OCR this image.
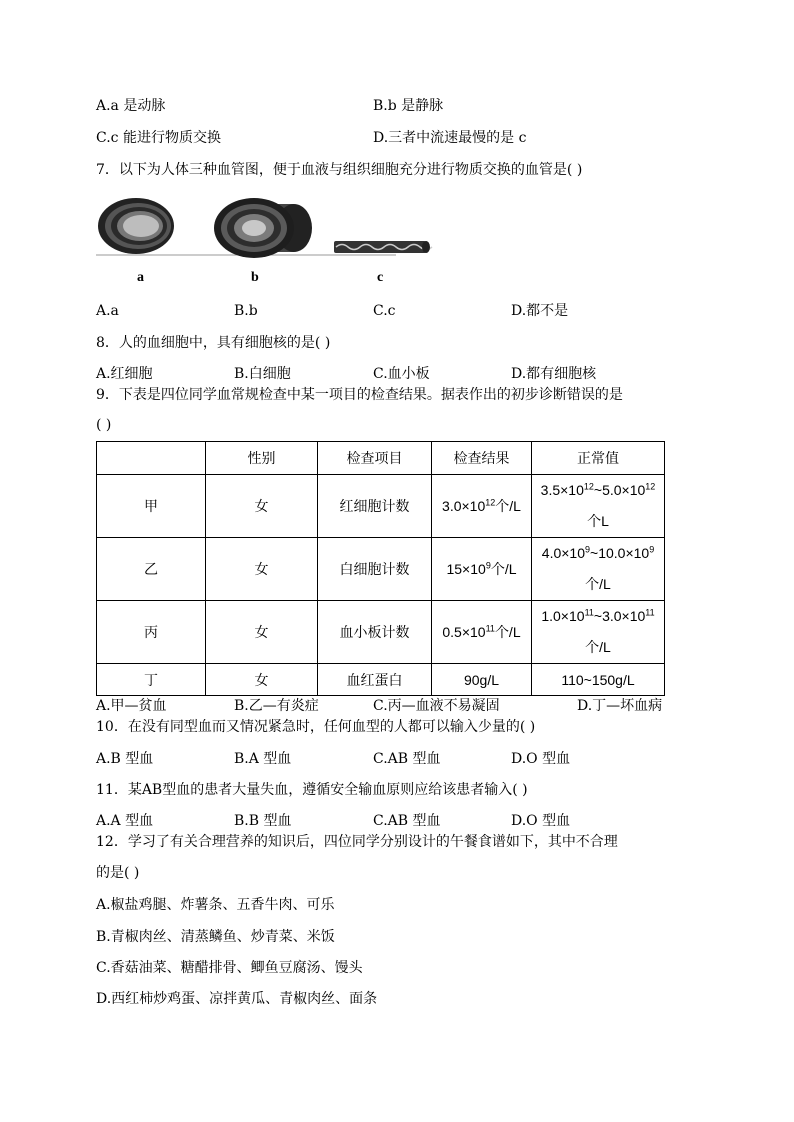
A.a 是动脉	B.b 是静脉
C.c 能进行物质交换	D.三者中流速最慢的是 c
7．以下为人体三种血管图，便于血液与组织细胞充分进行物质交换的血管是( )
a	b	c
A.a	B.b	C.c	D.都不是
8．人的血细胞中，具有细胞核的是( )
A.红细胞	B.白细胞	C.血小板	D.都有细胞核
9．下表是四位同学血常规检查中某一项目的检查结果。据表作出的初步诊断错误的是
( )
	性别	检查项目	检查结果	正常值
甲	女	红细胞计数	$3.0\times 10^{12}$个/L	$3.5\times 10^{12}\sim 5.0\times 10^{12}$
个L
乙	女	白细胞计数	$15\times 10^9$个/L	$4.0\times 10^9\sim 10.0\times 10^9$
个/L
丙	女	血小板计数	$0.5\times 10^{11}$个/L	$1.0\times 10^{11}\sim 3.0\times 10^{11}$
个/L
丁	女	血红蛋白	90g/L	110~150g/L
A.甲—贫血	B.乙—有炎症	C.丙—血液不易凝固	D.丁—坏血病
10．在没有同型血而又情况紧急时，任何血型的人都可以输入少量的( )
A.B 型血	B.A 型血	C.AB 型血	D.O 型血
11．某AB型血的患者大量失血，遵循安全输血原则应给该患者输入( )
A.A 型血	B.B 型血	C.AB 型血	D.O 型血
12．学习了有关合理营养的知识后，四位同学分别设计的午餐食谱如下，其中不合理
的是( )
A.椒盐鸡腿、炸薯条、五香牛肉、可乐
B.青椒肉丝、清蒸鳞鱼、炒青菜、米饭
C.香菇油菜、糖醋排骨、鲫鱼豆腐汤、馒头
D.西红柿炒鸡蛋、凉拌黄瓜、青椒肉丝、面条
